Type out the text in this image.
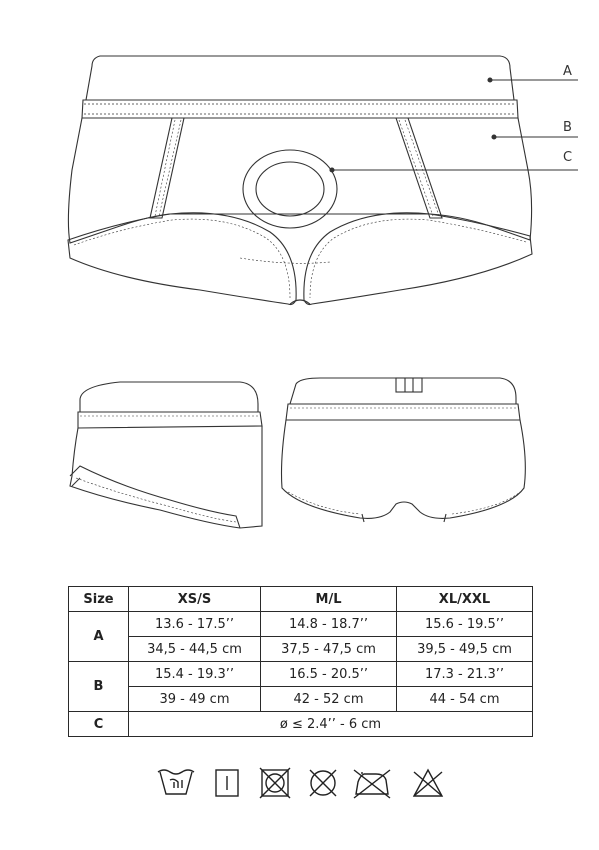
A
B
C
Size	XS/S	M/L	XL/XXL
A	13.6 - 17.5’’	14.8 - 18.7’’	15.6 - 19.5’’
	34,5 - 44,5 cm	37,5 - 47,5 cm	39,5 - 49,5 cm
B	15.4 - 19.3’’	16.5 - 20.5’’	17.3 - 21.3’’
	39 - 49 cm	42 - 52 cm	44 - 54 cm
C	ø ≤ 2.4’’ - 6 cm		
